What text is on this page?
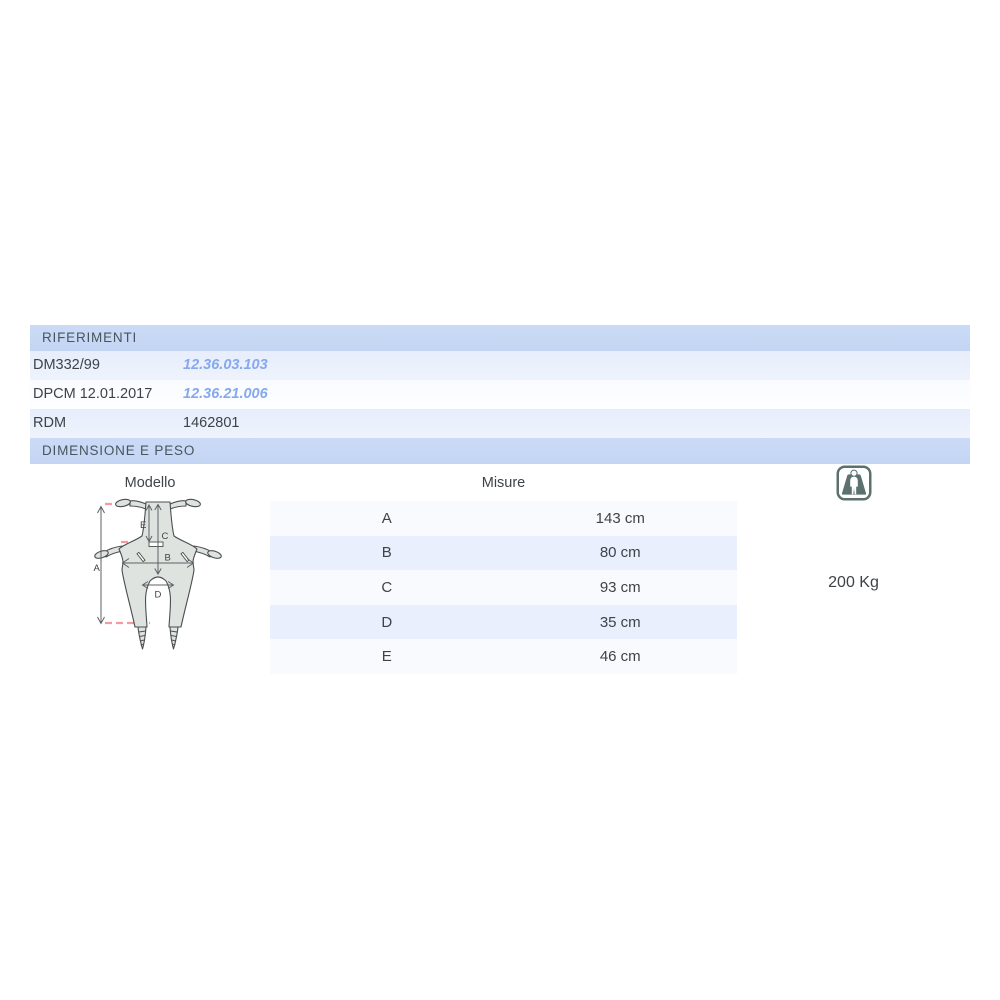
RIFERIMENTI
DM332/99	12.36.03.103
DPCM 12.01.2017	12.36.21.006
RDM	1462801
DIMENSIONE E PESO
Modello	Misure
A
E
C
B
D
A	143 cm
B	80 cm
C	93 cm
D	35 cm
E	46 cm
200 Kg
